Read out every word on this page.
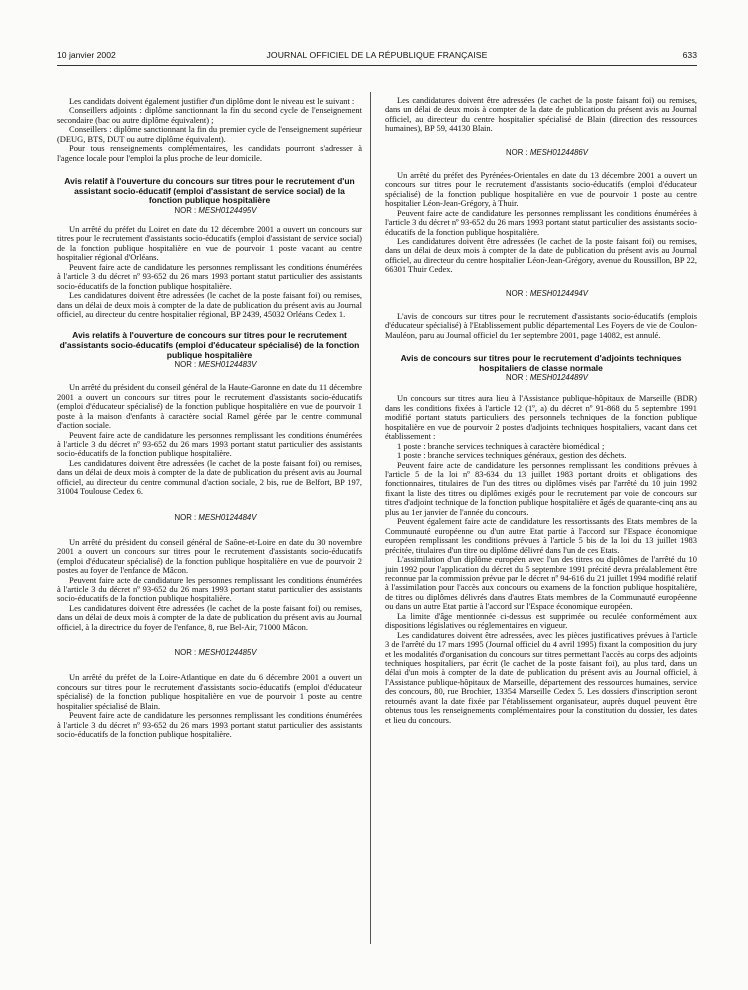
10 janvier 2002	JOURNAL OFFICIEL DE LA RÉPUBLIQUE FRANÇAISE	633

Les candidats doivent également justifier d'un diplôme dont le niveau est le suivant :

Conseillers adjoints : diplôme sanctionnant la fin du second cycle de l'enseignement secondaire (bac ou autre diplôme équivalent) ;

Conseillers : diplôme sanctionnant la fin du premier cycle de l'enseignement supérieur (DEUG, BTS, DUT ou autre diplôme équivalent).

Pour tous renseignements complémentaires, les candidats pourront s'adresser à l'agence locale pour l'emploi la plus proche de leur domicile.

Avis relatif à l'ouverture du concours sur titres pour le recrutement d'un assistant socio-éducatif (emploi d'assistant de service social) de la fonction publique hospitalière

NOR : MESH0124495V

Un arrêté du préfet du Loiret en date du 12 décembre 2001 a ouvert un concours sur titres pour le recrutement d'assistants socio-éducatifs (emploi d'assistant de service social) de la fonction publique hospitalière en vue de pourvoir 1 poste vacant au centre hospitalier régional d'Orléans.

Peuvent faire acte de candidature les personnes remplissant les conditions énumérées à l'article 3 du décret nº 93-652 du 26 mars 1993 portant statut particulier des assistants socio-éducatifs de la fonction publique hospitalière.

Les candidatures doivent être adressées (le cachet de la poste faisant foi) ou remises, dans un délai de deux mois à compter de la date de publication du présent avis au Journal officiel, au directeur du centre hospitalier régional, BP 2439, 45032 Orléans Cedex 1.

Avis relatifs à l'ouverture de concours sur titres pour le recrutement d'assistants socio-éducatifs (emploi d'éducateur spécialisé) de la fonction publique hospitalière

NOR : MESH0124483V

Un arrêté du président du conseil général de la Haute-Garonne en date du 11 décembre 2001 a ouvert un concours sur titres pour le recrutement d'assistants socio-éducatifs (emploi d'éducateur spécialisé) de la fonction publique hospitalière en vue de pourvoir 1 poste à la maison d'enfants à caractère social Ramel gérée par le centre communal d'action sociale.

Peuvent faire acte de candidature les personnes remplissant les conditions énumérées à l'article 3 du décret nº 93-652 du 26 mars 1993 portant statut particulier des assistants socio-éducatifs de la fonction publique hospitalière.

Les candidatures doivent être adressées (le cachet de la poste faisant foi) ou remises, dans un délai de deux mois à compter de la date de publication du présent avis au Journal officiel, au directeur du centre communal d'action sociale, 2 bis, rue de Belfort, BP 197, 31004 Toulouse Cedex 6.

NOR : MESH0124484V

Un arrêté du président du conseil général de Saône-et-Loire en date du 30 novembre 2001 a ouvert un concours sur titres pour le recrutement d'assistants socio-éducatifs (emploi d'éducateur spécialisé) de la fonction publique hospitalière en vue de pourvoir 2 postes au foyer de l'enfance de Mâcon.

Peuvent faire acte de candidature les personnes remplissant les conditions énumérées à l'article 3 du décret nº 93-652 du 26 mars 1993 portant statut particulier des assistants socio-éducatifs de la fonction publique hospitalière.

Les candidatures doivent être adressées (le cachet de la poste faisant foi) ou remises, dans un délai de deux mois à compter de la date de publication du présent avis au Journal officiel, à la directrice du foyer de l'enfance, 8, rue Bel-Air, 71000 Mâcon.

NOR : MESH0124485V

Un arrêté du préfet de la Loire-Atlantique en date du 6 décembre 2001 a ouvert un concours sur titres pour le recrutement d'assistants socio-éducatifs (emploi d'éducateur spécialisé) de la fonction publique hospitalière en vue de pourvoir 1 poste au centre hospitalier spécialisé de Blain.

Peuvent faire acte de candidature les personnes remplissant les conditions énumérées à l'article 3 du décret nº 93-652 du 26 mars 1993 portant statut particulier des assistants socio-éducatifs de la fonction publique hospitalière.

Les candidatures doivent être adressées (le cachet de la poste faisant foi) ou remises, dans un délai de deux mois à compter de la date de publication du présent avis au Journal officiel, au directeur du centre hospitalier spécialisé de Blain (direction des ressources humaines), BP 59, 44130 Blain.

NOR : MESH0124486V

Un arrêté du préfet des Pyrénées-Orientales en date du 13 décembre 2001 a ouvert un concours sur titres pour le recrutement d'assistants socio-éducatifs (emploi d'éducateur spécialisé) de la fonction publique hospitalière en vue de pourvoir 1 poste au centre hospitalier Léon-Jean-Grégory, à Thuir.

Peuvent faire acte de candidature les personnes remplissant les conditions énumérées à l'article 3 du décret nº 93-652 du 26 mars 1993 portant statut particulier des assistants socio-éducatifs de la fonction publique hospitalière.

Les candidatures doivent être adressées (le cachet de la poste faisant foi) ou remises, dans un délai de deux mois à compter de la date de publication du présent avis au Journal officiel, au directeur du centre hospitalier Léon-Jean-Grégory, avenue du Roussillon, BP 22, 66301 Thuir Cedex.

NOR : MESH0124494V

L'avis de concours sur titres pour le recrutement d'assistants socio-éducatifs (emplois d'éducateur spécialisé) à l'Etablissement public départemental Les Foyers de vie de Coulon-Mauléon, paru au Journal officiel du 1er septembre 2001, page 14082, est annulé.

Avis de concours sur titres pour le recrutement d'adjoints techniques hospitaliers de classe normale

NOR : MESH0124489V

Un concours sur titres aura lieu à l'Assistance publique-hôpitaux de Marseille (BDR) dans les conditions fixées à l'article 12 (1º, a) du décret nº 91-868 du 5 septembre 1991 modifié portant statuts particuliers des personnels techniques de la fonction publique hospitalière en vue de pourvoir 2 postes d'adjoints techniques hospitaliers, vacant dans cet établissement :

1 poste : branche services techniques à caractère biomédical ;

1 poste : branche services techniques généraux, gestion des déchets.

Peuvent faire acte de candidature les personnes remplissant les conditions prévues à l'article 5 de la loi nº 83-634 du 13 juillet 1983 portant droits et obligations des fonctionnaires, titulaires de l'un des titres ou diplômes visés par l'arrêté du 10 juin 1992 fixant la liste des titres ou diplômes exigés pour le recrutement par voie de concours sur titres d'adjoint technique de la fonction publique hospitalière et âgés de quarante-cinq ans au plus au 1er janvier de l'année du concours.

Peuvent également faire acte de candidature les ressortissants des Etats membres de la Communauté européenne ou d'un autre Etat partie à l'accord sur l'Espace économique européen remplissant les conditions prévues à l'article 5 bis de la loi du 13 juillet 1983 précitée, titulaires d'un titre ou diplôme délivré dans l'un de ces Etats.

L'assimilation d'un diplôme européen avec l'un des titres ou diplômes de l'arrêté du 10 juin 1992 pour l'application du décret du 5 septembre 1991 précité devra préalablement être reconnue par la commission prévue par le décret nº 94-616 du 21 juillet 1994 modifié relatif à l'assimilation pour l'accès aux concours ou examens de la fonction publique hospitalière, de titres ou diplômes délivrés dans d'autres Etats membres de la Communauté européenne ou dans un autre Etat partie à l'accord sur l'Espace économique européen.

La limite d'âge mentionnée ci-dessus est supprimée ou reculée conformément aux dispositions législatives ou réglementaires en vigueur.

Les candidatures doivent être adressées, avec les pièces justificatives prévues à l'article 3 de l'arrêté du 17 mars 1995 (Journal officiel du 4 avril 1995) fixant la composition du jury et les modalités d'organisation du concours sur titres permettant l'accès au corps des adjoints techniques hospitaliers, par écrit (le cachet de la poste faisant foi), au plus tard, dans un délai d'un mois à compter de la date de publication du présent avis au Journal officiel, à l'Assistance publique-hôpitaux de Marseille, département des ressources humaines, service des concours, 80, rue Brochier, 13354 Marseille Cedex 5. Les dossiers d'inscription seront retournés avant la date fixée par l'établissement organisateur, auprès duquel peuvent être obtenus tous les renseignements complémentaires pour la constitution du dossier, les dates et lieu du concours.
